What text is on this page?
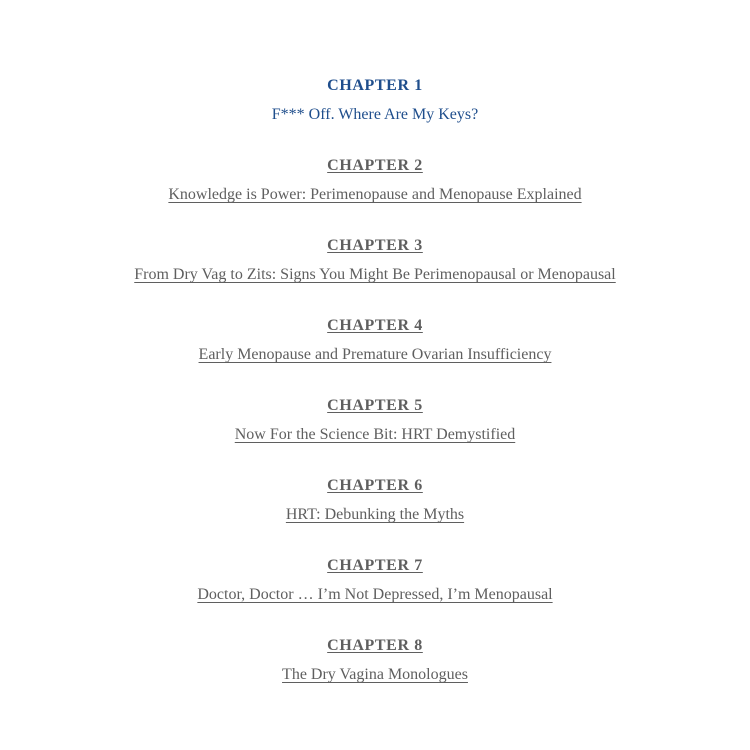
CHAPTER 1
F*** Off. Where Are My Keys?
CHAPTER 2
Knowledge is Power: Perimenopause and Menopause Explained
CHAPTER 3
From Dry Vag to Zits: Signs You Might Be Perimenopausal or Menopausal
CHAPTER 4
Early Menopause and Premature Ovarian Insufficiency
CHAPTER 5
Now For the Science Bit: HRT Demystified
CHAPTER 6
HRT: Debunking the Myths
CHAPTER 7
Doctor, Doctor … I’m Not Depressed, I’m Menopausal
CHAPTER 8
The Dry Vagina Monologues
